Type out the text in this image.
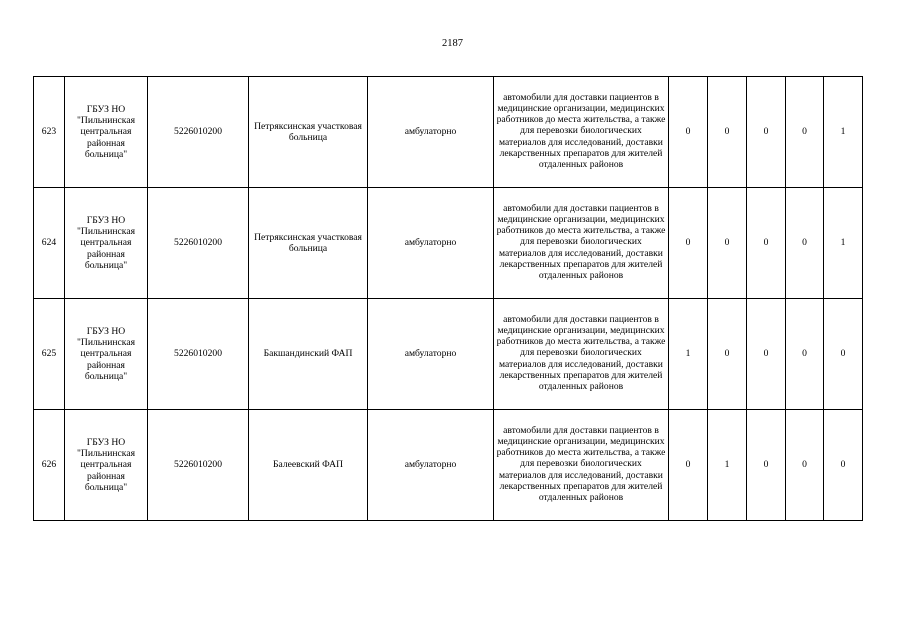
2187
623	ГБУЗ НО "Пильнинская центральная районная больница"	5226010200	Петряксинская участковая больница	амбулаторно	автомобили для доставки пациентов в медицинские организации, медицинских работников до места жительства, а также для перевозки биологических материалов для исследований, доставки лекарственных препаратов для жителей отдаленных районов	0	0	0	0	1
624	ГБУЗ НО "Пильнинская центральная районная больница"	5226010200	Петряксинская участковая больница	амбулаторно	автомобили для доставки пациентов в медицинские организации, медицинских работников до места жительства, а также для перевозки биологических материалов для исследований, доставки лекарственных препаратов для жителей отдаленных районов	0	0	0	0	1
625	ГБУЗ НО "Пильнинская центральная районная больница"	5226010200	Бакшандинский ФАП	амбулаторно	автомобили для доставки пациентов в медицинские организации, медицинских работников до места жительства, а также для перевозки биологических материалов для исследований, доставки лекарственных препаратов для жителей отдаленных районов	1	0	0	0	0
626	ГБУЗ НО "Пильнинская центральная районная больница"	5226010200	Балеевский ФАП	амбулаторно	автомобили для доставки пациентов в медицинские организации, медицинских работников до места жительства, а также для перевозки биологических материалов для исследований, доставки лекарственных препаратов для жителей отдаленных районов	0	1	0	0	0
